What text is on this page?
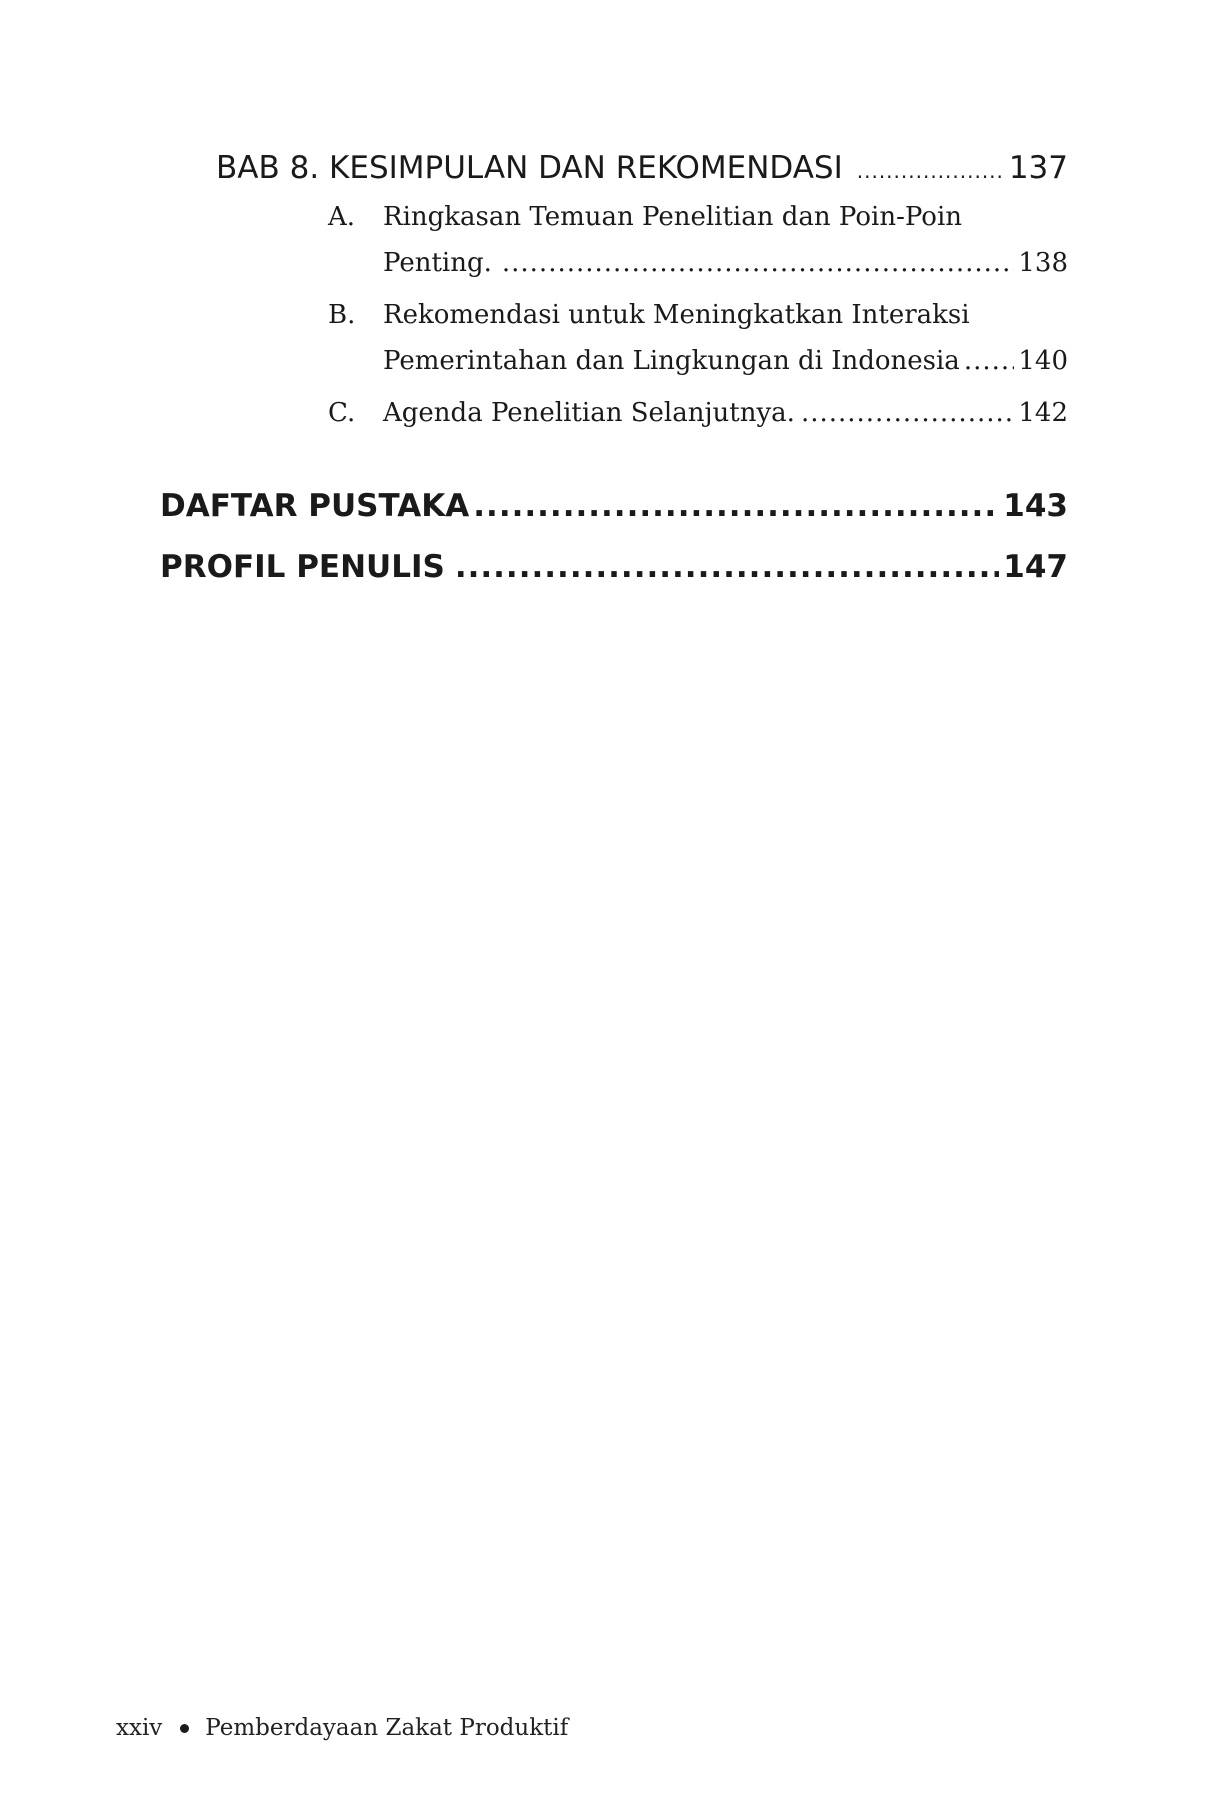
BAB 8. KESIMPULAN DAN REKOMENDASI .....	137
A. Ringkasan Temuan Penelitian dan Poin-Poin
Penting. .....	138
B. Rekomendasi untuk Meningkatkan Interaksi
Pemerintahan dan Lingkungan di Indonesia ..... 140
C. Agenda Penelitian Selanjutnya. .....	142
DAFTAR PUSTAKA .....	143
PROFIL PENULIS .....	147
xxiv Pemberdayaan Zakat Produktif
